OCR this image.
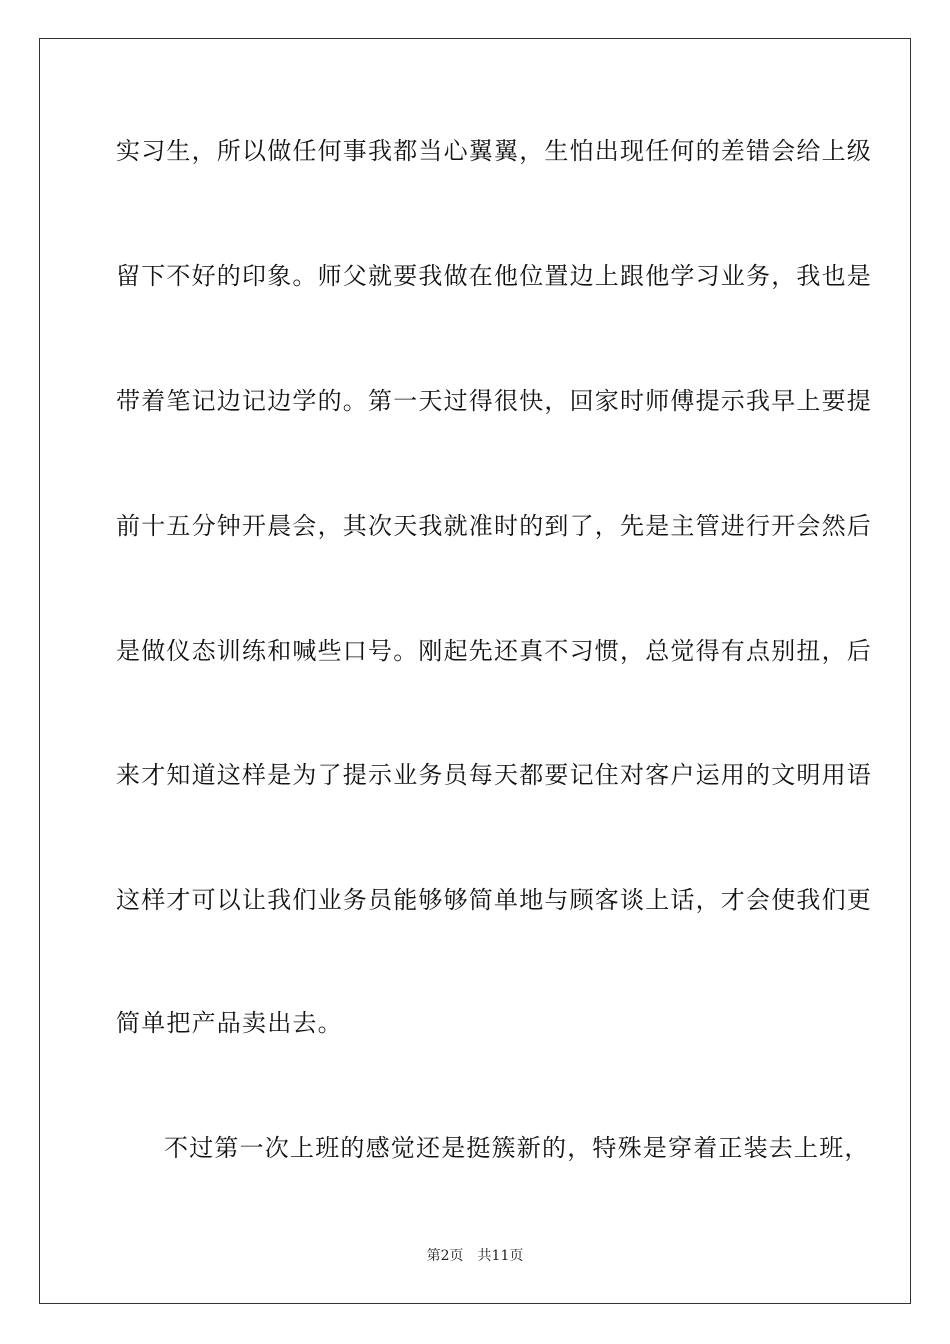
实习生，所以做任何事我都当心翼翼，生怕出现任何的差错会给上级
留下不好的印象。师父就要我做在他位置边上跟他学习业务，我也是
带着笔记边记边学的。第一天过得很快，回家时师傅提示我早上要提
前十五分钟开晨会，其次天我就准时的到了，先是主管进行开会然后
是做仪态训练和喊些口号。刚起先还真不习惯，总觉得有点别扭，后
来才知道这样是为了提示业务员每天都要记住对客户运用的文明用语
这样才可以让我们业务员能够够简单地与顾客谈上话，才会使我们更
简单把产品卖出去。
不过第一次上班的感觉还是挺簇新的，特殊是穿着正装去上班，
第2页 共11页
